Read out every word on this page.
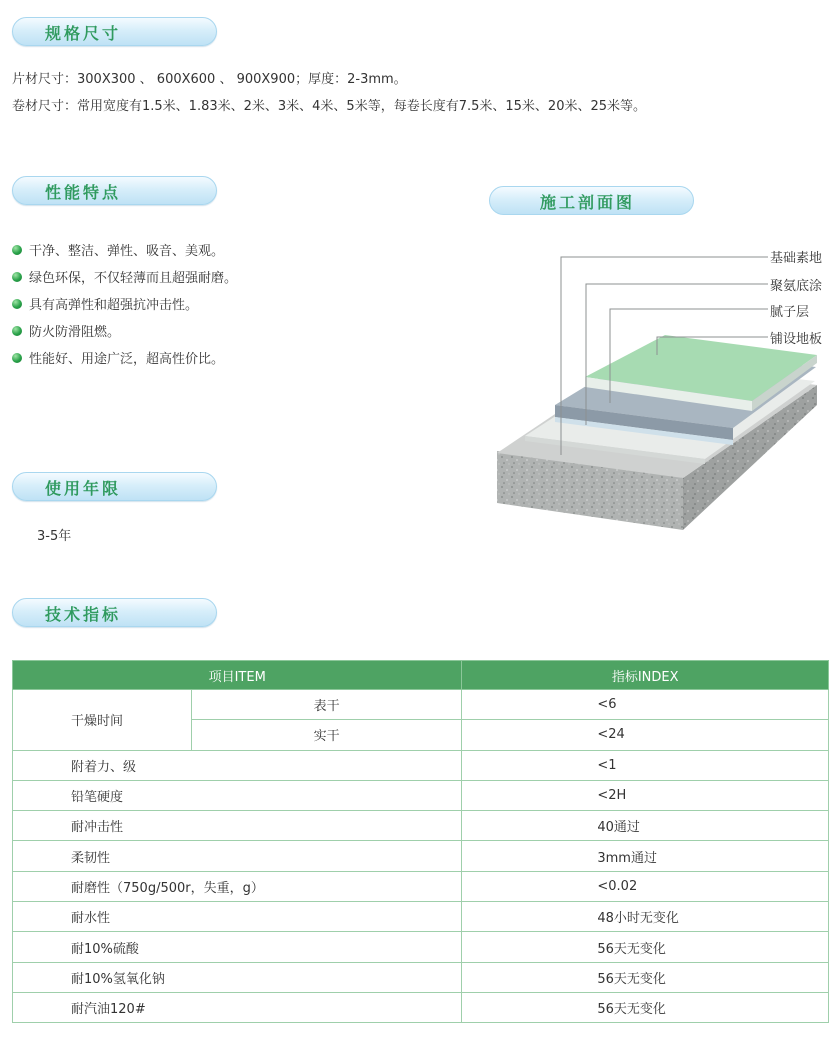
规格尺寸
片材尺寸：300X300 、 600X600 、 900X900；厚度：2-3mm。
卷材尺寸：常用宽度有1.5米、1.83米、2米、3米、4米、5米等，每卷长度有7.5米、15米、20米、25米等。
性能特点
干净、整洁、弹性、吸音、美观。
绿色环保，不仅轻薄而且超强耐磨。
具有高弹性和超强抗冲击性。
防火防滑阻燃。
性能好、用途广泛，超高性价比。
施工剖面图
基础素地
聚氨底涂
腻子层
铺设地板
使用年限
3-5年
技术指标
项目ITEM		指标INDEX
干燥时间	表干	<6
	实干	<24
附着力、级		<1
铅笔硬度		<2H
耐冲击性		40通过
柔韧性		3mm通过
耐磨性（750g/500r，失重，g）		<0.02
耐水性		48小时无变化
耐10%硫酸		56天无变化
耐10%氢氧化钠		56天无变化
耐汽油120#		56天无变化
